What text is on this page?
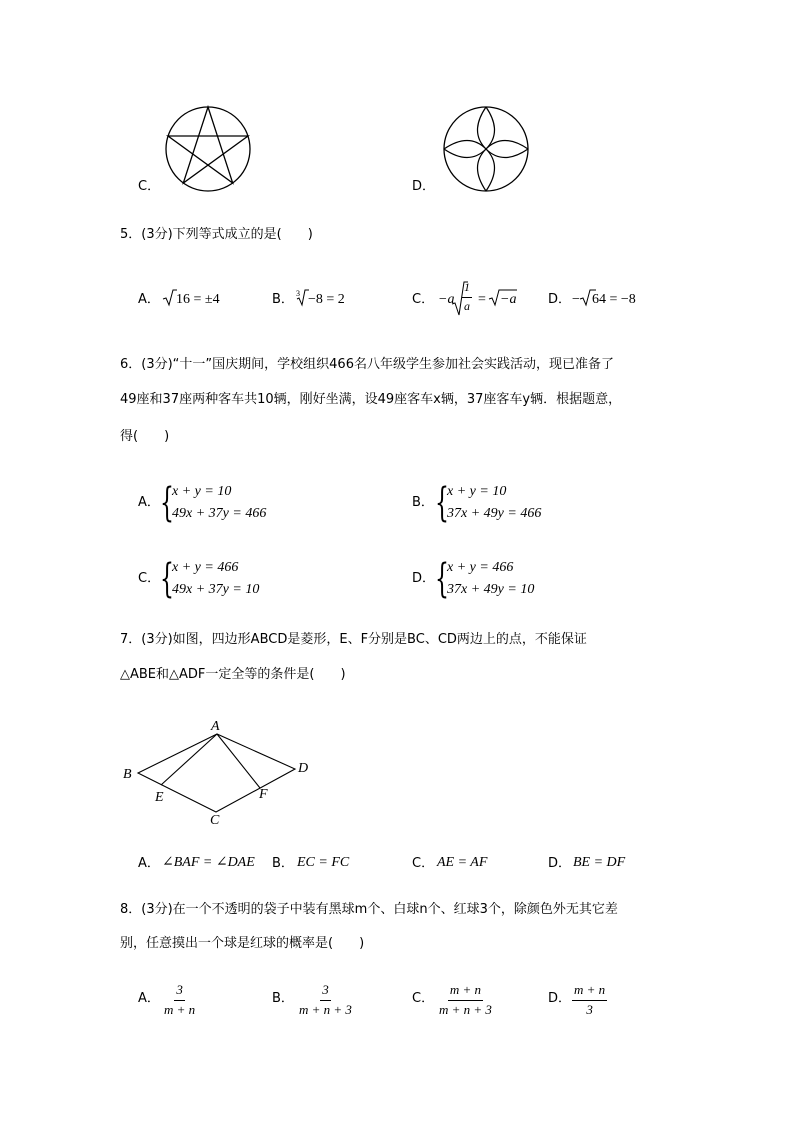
C．	D．
5．(3分)下列等式成立的是(　　)
A． 16 = ±4	B． 3 −8 = 2	C． $-a \frac{1}{a} = -a$ D． − 64 = −8
6．(3分)“十一”国庆期间，学校组织466名八年级学生参加社会实践活动，现已准备了
49座和37座两种客车共10辆，刚好坐满，设49座客车x辆，37座客车y辆．根据题意，
得(　　)
A． {
x + y = 10
49x + 37y = 466
B． {
x + y = 10
37x + 49y = 466
C． {
x + y = 466
49x + 37y = 10
D． {
x + y = 466
37x + 49y = 10
7．(3分)如图，四边形ABCD是菱形，E、F分别是BC、CD两边上的点，不能保证
△ABE和△ADF一定全等的条件是(　　)
A
B
C
D
E	F
A． ∠BAF = ∠DAE B． EC = FC	C． AE = AF	D． BE = DF
8．(3分)在一个不透明的袋子中装有黑球m个、白球n个、红球3个，除颜色外无其它差
别，任意摸出一个球是红球的概率是(　　)
A． $\frac{3}{m + n}$	B． $\frac{3}{m + n + 3}$	C． $\frac{m + n}{m + n + 3}$	D． $\frac{m + n}{3}$
